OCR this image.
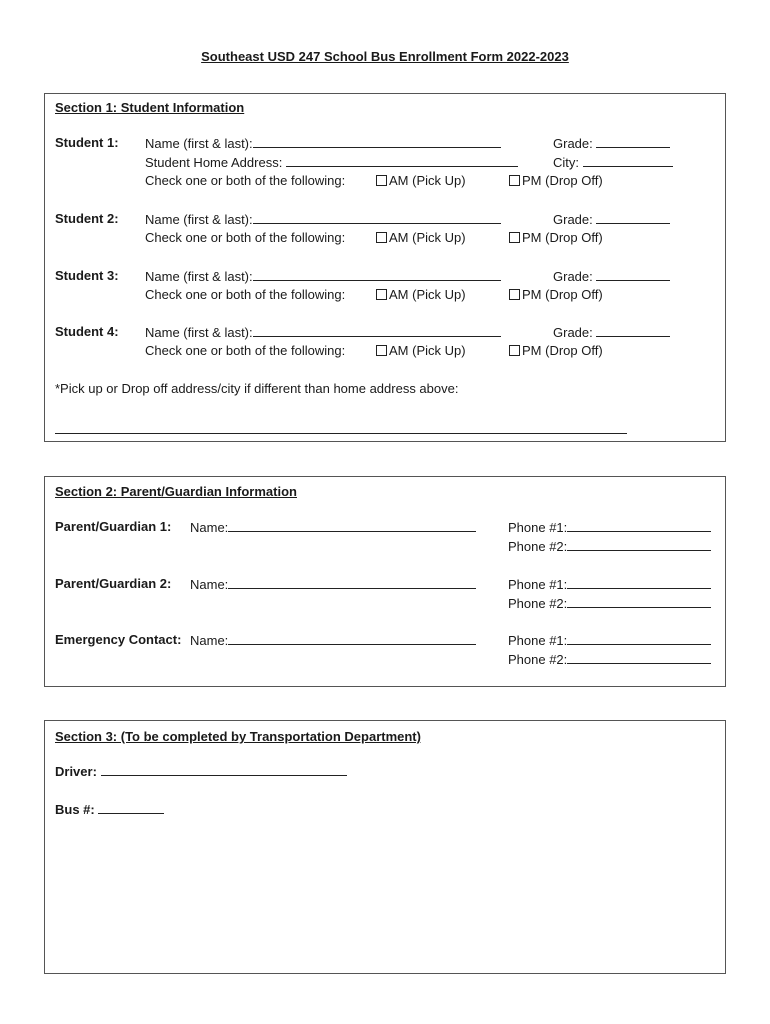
Southeast USD 247 School Bus Enrollment Form 2022-2023
Section 1: Student Information
Student 1: Name (first & last):	Grade:
Student Home Address:	City:
Check one or both of the following:	AM (Pick Up)	PM (Drop Off)
Student 2: Name (first & last):	Grade:
Check one or both of the following:	AM (Pick Up)	PM (Drop Off)
Student 3: Name (first & last):	Grade:
Check one or both of the following:	AM (Pick Up)	PM (Drop Off)
Student 4: Name (first & last):	Grade:
Check one or both of the following:	AM (Pick Up)	PM (Drop Off)
*Pick up or Drop off address/city if different than home address above:
Section 2: Parent/Guardian Information
Parent/Guardian 1: Name:	Phone #1:
Phone #2:
Parent/Guardian 2: Name:	Phone #1:
Phone #2:
Emergency Contact: Name:	Phone #1:
Phone #2:
Section 3: (To be completed by Transportation Department)
Driver:
Bus #:
